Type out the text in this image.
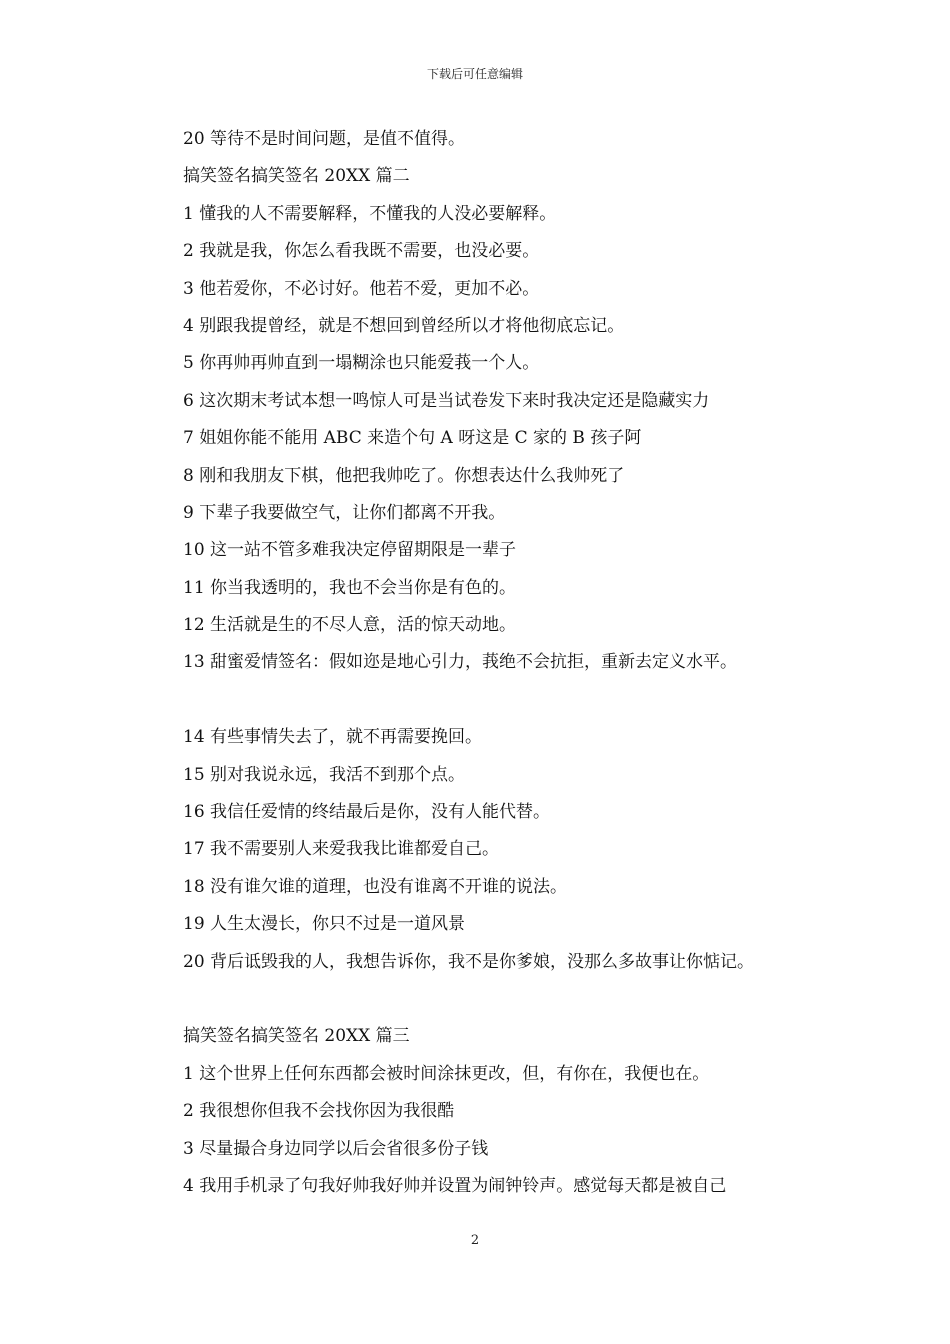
下载后可任意编辑
20 等待不是时间问题，是值不值得。
搞笑签名搞笑签名 20XX 篇二
1 懂我的人不需要解释，不懂我的人没必要解释。
2 我就是我，你怎么看我既不需要，也没必要。
3 他若爱你，不必讨好。他若不爱，更加不必。
4 别跟我提曾经，就是不想回到曾经所以才将他彻底忘记。
5 你再帅再帅直到一塌糊涂也只能爱莪一个人。
6 这次期末考试本想一鸣惊人可是当试卷发下来时我决定还是隐藏实力
7 姐姐你能不能用 ABC 来造个句 A 呀这是 C 家的 B 孩子阿
8 刚和我朋友下棋，他把我帅吃了。你想表达什么我帅死了
9 下辈子我要做空气，让你们都离不开我。
10 这一站不管多难我决定停留期限是一辈子
11 你当我透明的，我也不会当你是有色的。
12 生活就是生的不尽人意，活的惊天动地。
13 甜蜜爱情签名：假如迩是地心引力，莪绝不会抗拒，重新去定义水平。
14 有些事情失去了，就不再需要挽回。
15 别对我说永远，我活不到那个点。
16 我信任爱情的终结最后是你，没有人能代替。
17 我不需要别人来爱我我比谁都爱自己。
18 没有谁欠谁的道理，也没有谁离不开谁的说法。
19 人生太漫长，你只不过是一道风景
20 背后诋毁我的人，我想告诉你，我不是你爹娘，没那么多故事让你惦记。
搞笑签名搞笑签名 20XX 篇三
1 这个世界上任何东西都会被时间涂抹更改，但，有你在，我便也在。
2 我很想你但我不会找你因为我很酷
3 尽量撮合身边同学以后会省很多份子钱
4 我用手机录了句我好帅我好帅并设置为闹钟铃声。感觉每天都是被自己
2
